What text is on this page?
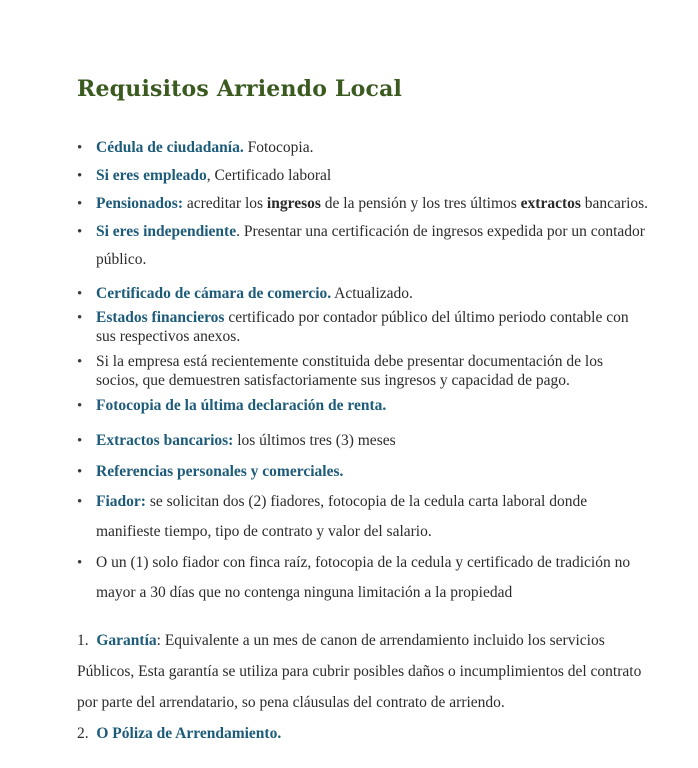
Requisitos Arriendo Local
• Cédula de ciudadanía. Fotocopia.
• Si eres empleado, Certificado laboral
• Pensionados: acreditar los ingresos de la pensión y los tres últimos extractos bancarios.
• Si eres independiente. Presentar una certificación de ingresos expedida por un contador
público.
• Certificado de cámara de comercio. Actualizado.
• Estados financieros certificado por contador público del último periodo contable con
sus respectivos anexos.
• Si la empresa está recientemente constituida debe presentar documentación de los
socios, que demuestren satisfactoriamente sus ingresos y capacidad de pago.
• Fotocopia de la última declaración de renta.
• Extractos bancarios: los últimos tres (3) meses
• Referencias personales y comerciales.
• Fiador: se solicitan dos (2) fiadores, fotocopia de la cedula carta laboral donde
manifieste tiempo, tipo de contrato y valor del salario.
• O un (1) solo fiador con finca raíz, fotocopia de la cedula y certificado de tradición no
mayor a 30 días que no contenga ninguna limitación a la propiedad
1. Garantía: Equivalente a un mes de canon de arrendamiento incluido los servicios
Públicos, Esta garantía se utiliza para cubrir posibles daños o incumplimientos del contrato
por parte del arrendatario, so pena cláusulas del contrato de arriendo.
2. O Póliza de Arrendamiento.
